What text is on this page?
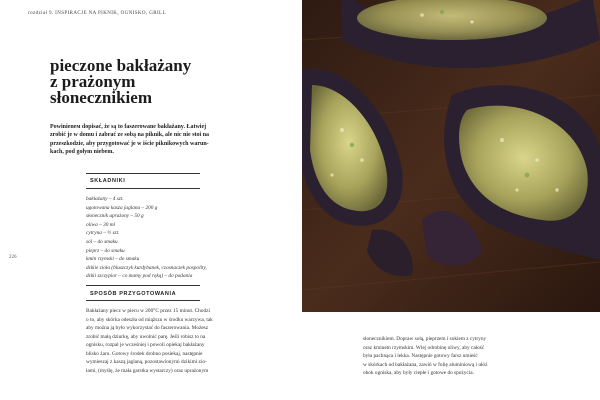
rozdział 9. INSPIRACJE NA PIKNIK, OGNISKO, GRILL
pieczone bakłażany
z prażonym
słonecznikiem

Powinieneм dopisać, że są to faszerowane bakłażany. Łatwiej
zrobić je w domu i zabrać ze sobą na piknik, ale nic nie stoi na
przeszkodzie, aby przygotować je w iście piknikowych warun-
kach, pod gołym niebem.

SKŁADNIKI
bakłażany – 4 szt.
ugotowana kasza jaglana – 200 g
słonecznik uprażony – 50 g
oliwa – 30 ml
cytryna – ½ szt.
sól – do smaku
pieprz – do smaku
kmin rzymski – do smaku
dzikie zioła (bluszczyk kurdybanek, czosnaczek pospolity,
dziki szczypior – co mamy pod ręką) – do podania
226
SPOSÓB PRZYGOTOWANIA

Bakłażany piecz w piecu w 200°C przez 15 minut. Chodzi
o to, aby skórka odeszła od miąższu w środku warzywa, tak
aby można ją było wykorzystać do faszerowania. Możesz
zrobić małą dziurkę, aby uwolnić parę. Jeśli robisz to na
ognisku, rozpal je wcześniej i powoli opiekaj bakłażany
blisko żaru. Gotowy środek drobno posiekaj, następnie
wymieszaj z kaszą jaglaną, pozostawionymi dzikimi zio-
łami, (myślę, że mała garstka wystarczy) oraz uprażonym

słonecznikiem. Dopraw solą, pieprzem i sokiem z cytryny
oraz kminem rzymskim. Wlej odrobinę oliwy, aby całość
była pachnąca i lekka. Następnie gotowy farsz umieść
w skórkach od bakłażana, zawiń w folię aluminiową i ułóż
obok ogniska, aby były ciepłe i gotowe do spożycia.
